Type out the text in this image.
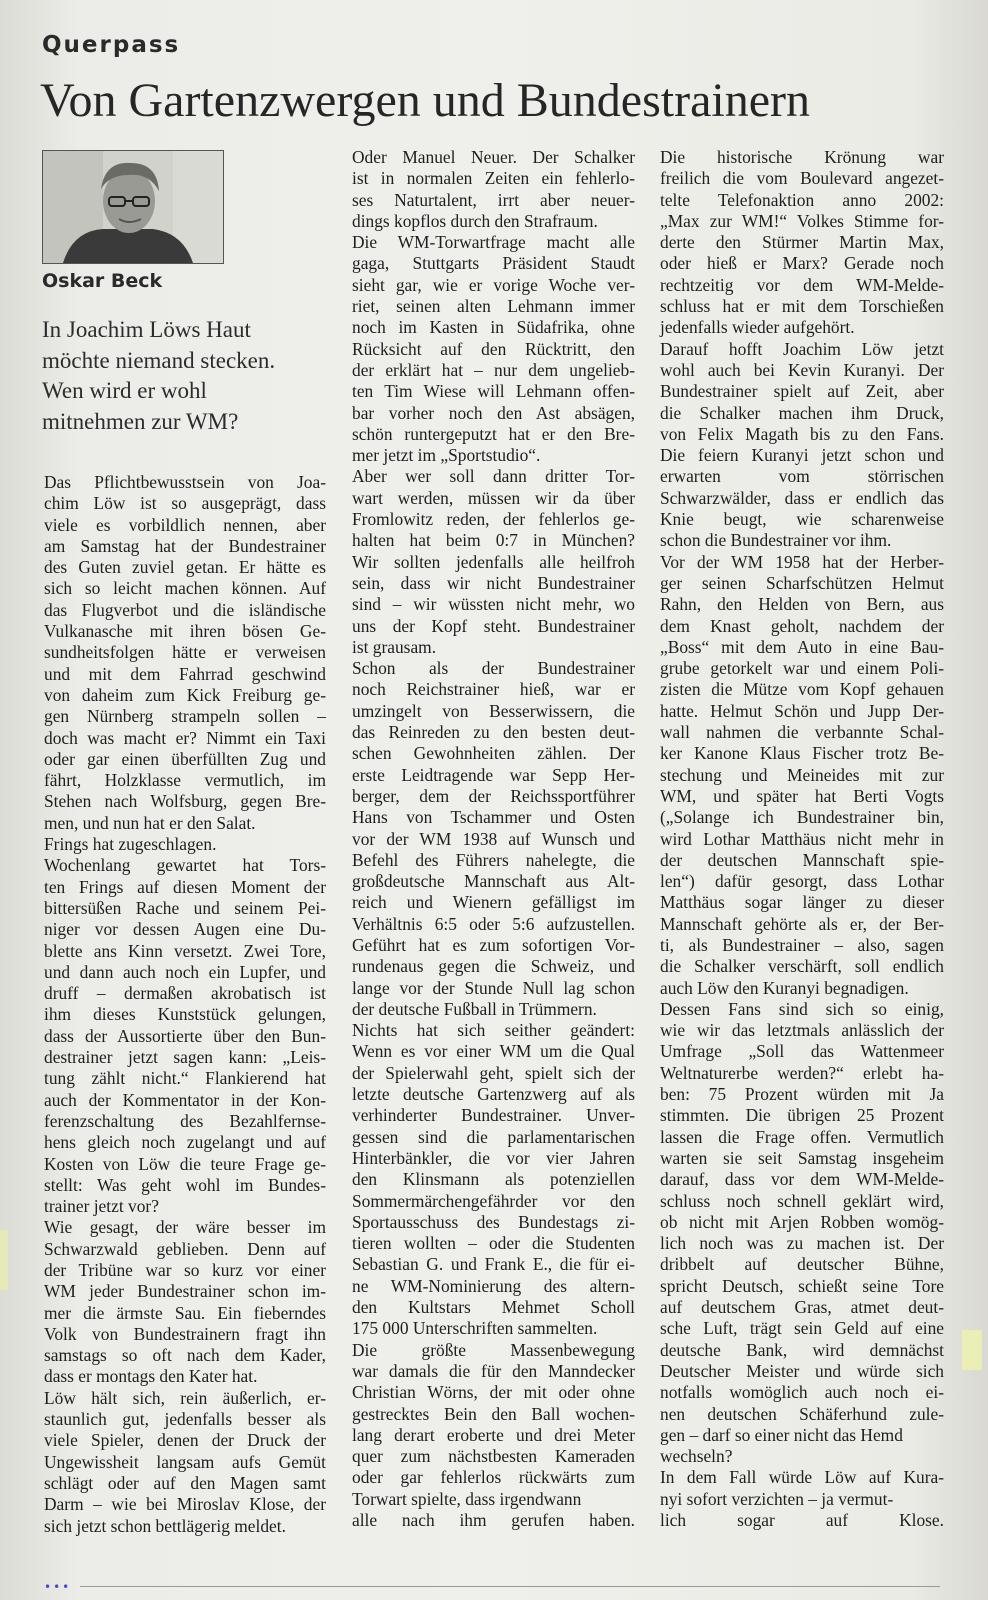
Querpass
Von Gartenzwergen und Bundestrainern
Oskar Beck
In Joachim Löws Haut
möchte niemand stecken.
Wen wird er wohl
mitnehmen zur WM?
Das Pflichtbewusstsein von Joa-
chim Löw ist so ausgeprägt, dass
viele es vorbildlich nennen, aber
am Samstag hat der Bundestrainer
des Guten zuviel getan. Er hätte es
sich so leicht machen können. Auf
das Flugverbot und die isländische
Vulkanasche mit ihren bösen Ge-
sundheitsfolgen hätte er verweisen
und mit dem Fahrrad geschwind
von daheim zum Kick Freiburg ge-
gen Nürnberg strampeln sollen –
doch was macht er? Nimmt ein Taxi
oder gar einen überfüllten Zug und
fährt, Holzklasse vermutlich, im
Stehen nach Wolfsburg, gegen Bre-
men, und nun hat er den Salat.
Frings hat zugeschlagen.
Wochenlang gewartet hat Tors-
ten Frings auf diesen Moment der
bittersüßen Rache und seinem Pei-
niger vor dessen Augen eine Du-
blette ans Kinn versetzt. Zwei Tore,
und dann auch noch ein Lupfer, und
druff – dermaßen akrobatisch ist
ihm dieses Kunststück gelungen,
dass der Aussortierte über den Bun-
destrainer jetzt sagen kann: „Leis-
tung zählt nicht.“ Flankierend hat
auch der Kommentator in der Kon-
ferenzschaltung des Bezahlfernse-
hens gleich noch zugelangt und auf
Kosten von Löw die teure Frage ge-
stellt: Was geht wohl im Bundes-
trainer jetzt vor?
Wie gesagt, der wäre besser im
Schwarzwald geblieben. Denn auf
der Tribüne war so kurz vor einer
WM jeder Bundestrainer schon im-
mer die ärmste Sau. Ein fieberndes
Volk von Bundestrainern fragt ihn
samstags so oft nach dem Kader,
dass er montags den Kater hat.
Löw hält sich, rein äußerlich, er-
staunlich gut, jedenfalls besser als
viele Spieler, denen der Druck der
Ungewissheit langsam aufs Gemüt
schlägt oder auf den Magen samt
Darm – wie bei Miroslav Klose, der
sich jetzt schon bettlägerig meldet.
Oder Manuel Neuer. Der Schalker
ist in normalen Zeiten ein fehlerlo-
ses Naturtalent, irrt aber neuer-
dings kopflos durch den Strafraum.
Die WM-Torwartfrage macht alle
gaga, Stuttgarts Präsident Staudt
sieht gar, wie er vorige Woche ver-
riet, seinen alten Lehmann immer
noch im Kasten in Südafrika, ohne
Rücksicht auf den Rücktritt, den
der erklärt hat – nur dem ungelieb-
ten Tim Wiese will Lehmann offen-
bar vorher noch den Ast absägen,
schön runtergeputzt hat er den Bre-
mer jetzt im „Sportstudio“.
Aber wer soll dann dritter Tor-
wart werden, müssen wir da über
Fromlowitz reden, der fehlerlos ge-
halten hat beim 0:7 in München?
Wir sollten jedenfalls alle heilfroh
sein, dass wir nicht Bundestrainer
sind – wir wüssten nicht mehr, wo
uns der Kopf steht. Bundestrainer
ist grausam.
Schon als der Bundestrainer
noch Reichstrainer hieß, war er
umzingelt von Besserwissern, die
das Reinreden zu den besten deut-
schen Gewohnheiten zählen. Der
erste Leidtragende war Sepp Her-
berger, dem der Reichssportführer
Hans von Tschammer und Osten
vor der WM 1938 auf Wunsch und
Befehl des Führers nahelegte, die
großdeutsche Mannschaft aus Alt-
reich und Wienern gefälligst im
Verhältnis 6:5 oder 5:6 aufzustellen.
Geführt hat es zum sofortigen Vor-
rundenaus gegen die Schweiz, und
lange vor der Stunde Null lag schon
der deutsche Fußball in Trümmern.
Nichts hat sich seither geändert:
Wenn es vor einer WM um die Qual
der Spielerwahl geht, spielt sich der
letzte deutsche Gartenzwerg auf als
verhinderter Bundestrainer. Unver-
gessen sind die parlamentarischen
Hinterbänkler, die vor vier Jahren
den Klinsmann als potenziellen
Sommermärchengefährder vor den
Sportausschuss des Bundestags zi-
tieren wollten – oder die Studenten
Sebastian G. und Frank E., die für ei-
ne WM-Nominierung des altern-
den Kultstars Mehmet Scholl
175 000 Unterschriften sammelten.
Die größte Massenbewegung
war damals die für den Manndecker
Christian Wörns, der mit oder ohne
gestrecktes Bein den Ball wochen-
lang derart eroberte und drei Meter
quer zum nächstbesten Kameraden
oder gar fehlerlos rückwärts zum
Torwart spielte, dass irgendwann
alle nach ihm gerufen haben.
Die historische Krönung war
freilich die vom Boulevard angezet-
telte Telefonaktion anno 2002:
„Max zur WM!“ Volkes Stimme for-
derte den Stürmer Martin Max,
oder hieß er Marx? Gerade noch
rechtzeitig vor dem WM-Melde-
schluss hat er mit dem Torschießen
jedenfalls wieder aufgehört.
Darauf hofft Joachim Löw jetzt
wohl auch bei Kevin Kuranyi. Der
Bundestrainer spielt auf Zeit, aber
die Schalker machen ihm Druck,
von Felix Magath bis zu den Fans.
Die feiern Kuranyi jetzt schon und
erwarten vom störrischen
Schwarzwälder, dass er endlich das
Knie beugt, wie scharenweise
schon die Bundestrainer vor ihm.
Vor der WM 1958 hat der Herber-
ger seinen Scharfschützen Helmut
Rahn, den Helden von Bern, aus
dem Knast geholt, nachdem der
„Boss“ mit dem Auto in eine Bau-
grube getorkelt war und einem Poli-
zisten die Mütze vom Kopf gehauen
hatte. Helmut Schön und Jupp Der-
wall nahmen die verbannte Schal-
ker Kanone Klaus Fischer trotz Be-
stechung und Meineides mit zur
WM, und später hat Berti Vogts
(„Solange ich Bundestrainer bin,
wird Lothar Matthäus nicht mehr in
der deutschen Mannschaft spie-
len“) dafür gesorgt, dass Lothar
Matthäus sogar länger zu dieser
Mannschaft gehörte als er, der Ber-
ti, als Bundestrainer – also, sagen
die Schalker verschärft, soll endlich
auch Löw den Kuranyi begnadigen.
Dessen Fans sind sich so einig,
wie wir das letztmals anlässlich der
Umfrage „Soll das Wattenmeer
Weltnaturerbe werden?“ erlebt ha-
ben: 75 Prozent würden mit Ja
stimmten. Die übrigen 25 Prozent
lassen die Frage offen. Vermutlich
warten sie seit Samstag insgeheim
darauf, dass vor dem WM-Melde-
schluss noch schnell geklärt wird,
ob nicht mit Arjen Robben womög-
lich noch was zu machen ist. Der
dribbelt auf deutscher Bühne,
spricht Deutsch, schießt seine Tore
auf deutschem Gras, atmet deut-
sche Luft, trägt sein Geld auf eine
deutsche Bank, wird demnächst
Deutscher Meister und würde sich
notfalls womöglich auch noch ei-
nen deutschen Schäferhund zule-
gen – darf so einer nicht das Hemd
wechseln?
In dem Fall würde Löw auf Kura-
nyi sofort verzichten – ja vermut-
lich sogar auf Klose.
•••
